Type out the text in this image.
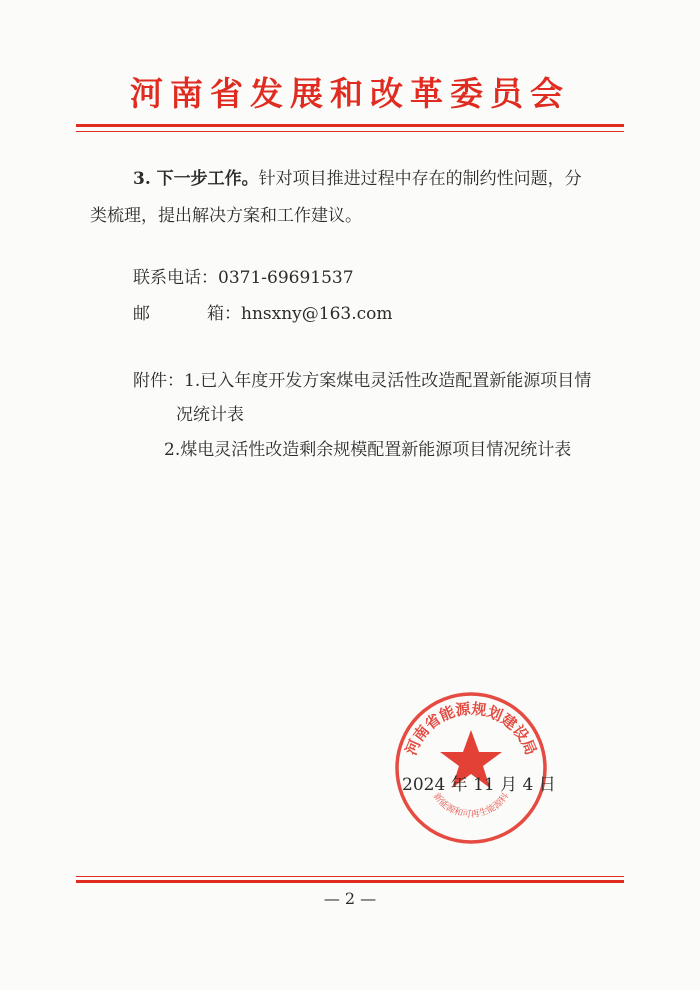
河南省发展和改革委员会
3. 下一步工作。针对项目推进过程中存在的制约性问题，分
类梳理，提出解决方案和工作建议。
联系电话：0371-69691537
邮	箱：hnsxny@163.com
附件：1.已入年度开发方案煤电灵活性改造配置新能源项目情
况统计表
2.煤电灵活性改造剩余规模配置新能源项目情况统计表
河南省能源规划建设局
新能源和可再生能源科
2024 年 11 月 4 日
— 2 —
